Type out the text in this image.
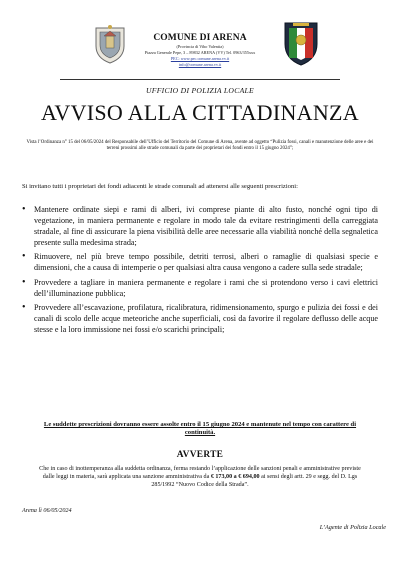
COMUNE DI ARENA
(Provincia di Vibo Valentia)
Piazza Generale Pepe, 3 – 89832 ARENA (VV) Tel. 0963/355xxx
PEC: www.pec.comune.arena.vv.it
info@comune.arena.vv.it
UFFICIO DI POLIZIA LOCALE
AVVISO ALLA CITTADINANZA
Vista l’Ordinanza n° 15 del 06/05/2024 del Responsabile dell’Ufficio del Territorio del Comune di Arena, avente ad oggetto “Pulizia fossi, canali e manutenzione delle aree e dei terreni prossimi alle strade comunali da parte dei proprietari dei fondi entro il 15 giugno 2024”;
Si invitano tutti i proprietari dei fondi adiacenti le strade comunali ad attenersi alle seguenti prescrizioni:
• Mantenere ordinate siepi e rami di alberi, ivi comprese piante di alto fusto, nonché ogni tipo di vegetazione, in maniera permanente e regolare in modo tale da evitare restringimenti della carreggiata stradale, al fine di assicurare la piena visibilità delle aree necessarie alla viabilità nonché della segnaletica presente sulla medesima strada;
• Rimuovere, nel più breve tempo possibile, detriti terrosi, alberi o ramaglie di qualsiasi specie e dimensioni, che a causa di intemperie o per qualsiasi altra causa vengono a cadere sulla sede stradale;
• Provvedere a tagliare in maniera permanente e regolare i rami che si protendono verso i cavi elettrici dell’illuminazione pubblica;
• Provvedere all’escavazione, profilatura, ricalibratura, ridimensionamento, spurgo e pulizia dei fossi e dei canali di scolo delle acque meteoriche anche superficiali, così da favorire il regolare deflusso delle acque stesse e la loro immissione nei fossi e/o scarichi principali;
Le suddette prescrizioni dovranno essere assolte entro il 15 giugno 2024 e mantenute nel tempo con carattere di continuità.
AVVERTE
Che in caso di inottemperanza alla suddetta ordinanza, ferma restando l’applicazione delle sanzioni penali e amministrative previste dalle leggi in materia, sarà applicata una sanzione amministrativa da € 173,00 a € 694,00 ai sensi degli artt. 29 e segg. del D. Lgs 285/1992 “Nuovo Codice della Strada”.
Arena lì 06/05/2024
L’Agente di Polizia Locale
